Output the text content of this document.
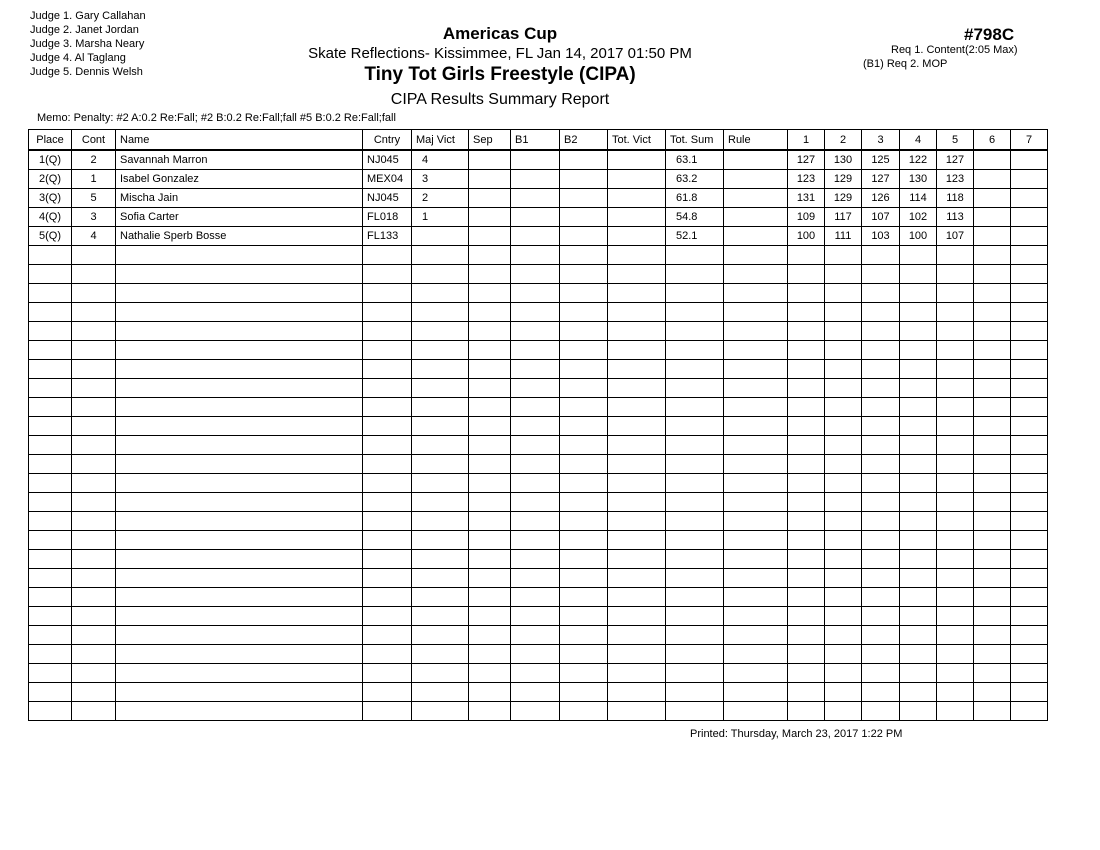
Judge 1. Gary Callahan
Judge 2. Janet Jordan
Judge 3. Marsha Neary
Judge 4. Al Taglang
Judge 5. Dennis Welsh
Americas Cup
Skate Reflections- Kissimmee, FL Jan 14, 2017 01:50 PM
Tiny Tot Girls Freestyle (CIPA)
CIPA Results Summary Report
#798C
Req 1. Content(2:05 Max)
(B1) Req 2. MOP
Memo: Penalty: #2 A:0.2 Re:Fall; #2 B:0.2 Re:Fall;fall #5 B:0.2 Re:Fall;fall
Place	Cont	Name	Cntry	Maj Vict	Sep	B1	B2	Tot. Vict	Tot. Sum	Rule	1	2	3	4	5	6	7
1(Q)	2	Savannah Marron	NJ045	4					63.1		127	130	125	122	127		
2(Q)	1	Isabel Gonzalez	MEX04	3					63.2		123	129	127	130	123		
3(Q)	5	Mischa Jain	NJ045	2					61.8		131	129	126	114	118		
4(Q)	3	Sofia Carter	FL018	1					54.8		109	117	107	102	113		
5(Q)	4	Nathalie Sperb Bosse	FL133						52.1		100	111	103	100	107		

Printed: Thursday, March 23, 2017 1:22 PM
